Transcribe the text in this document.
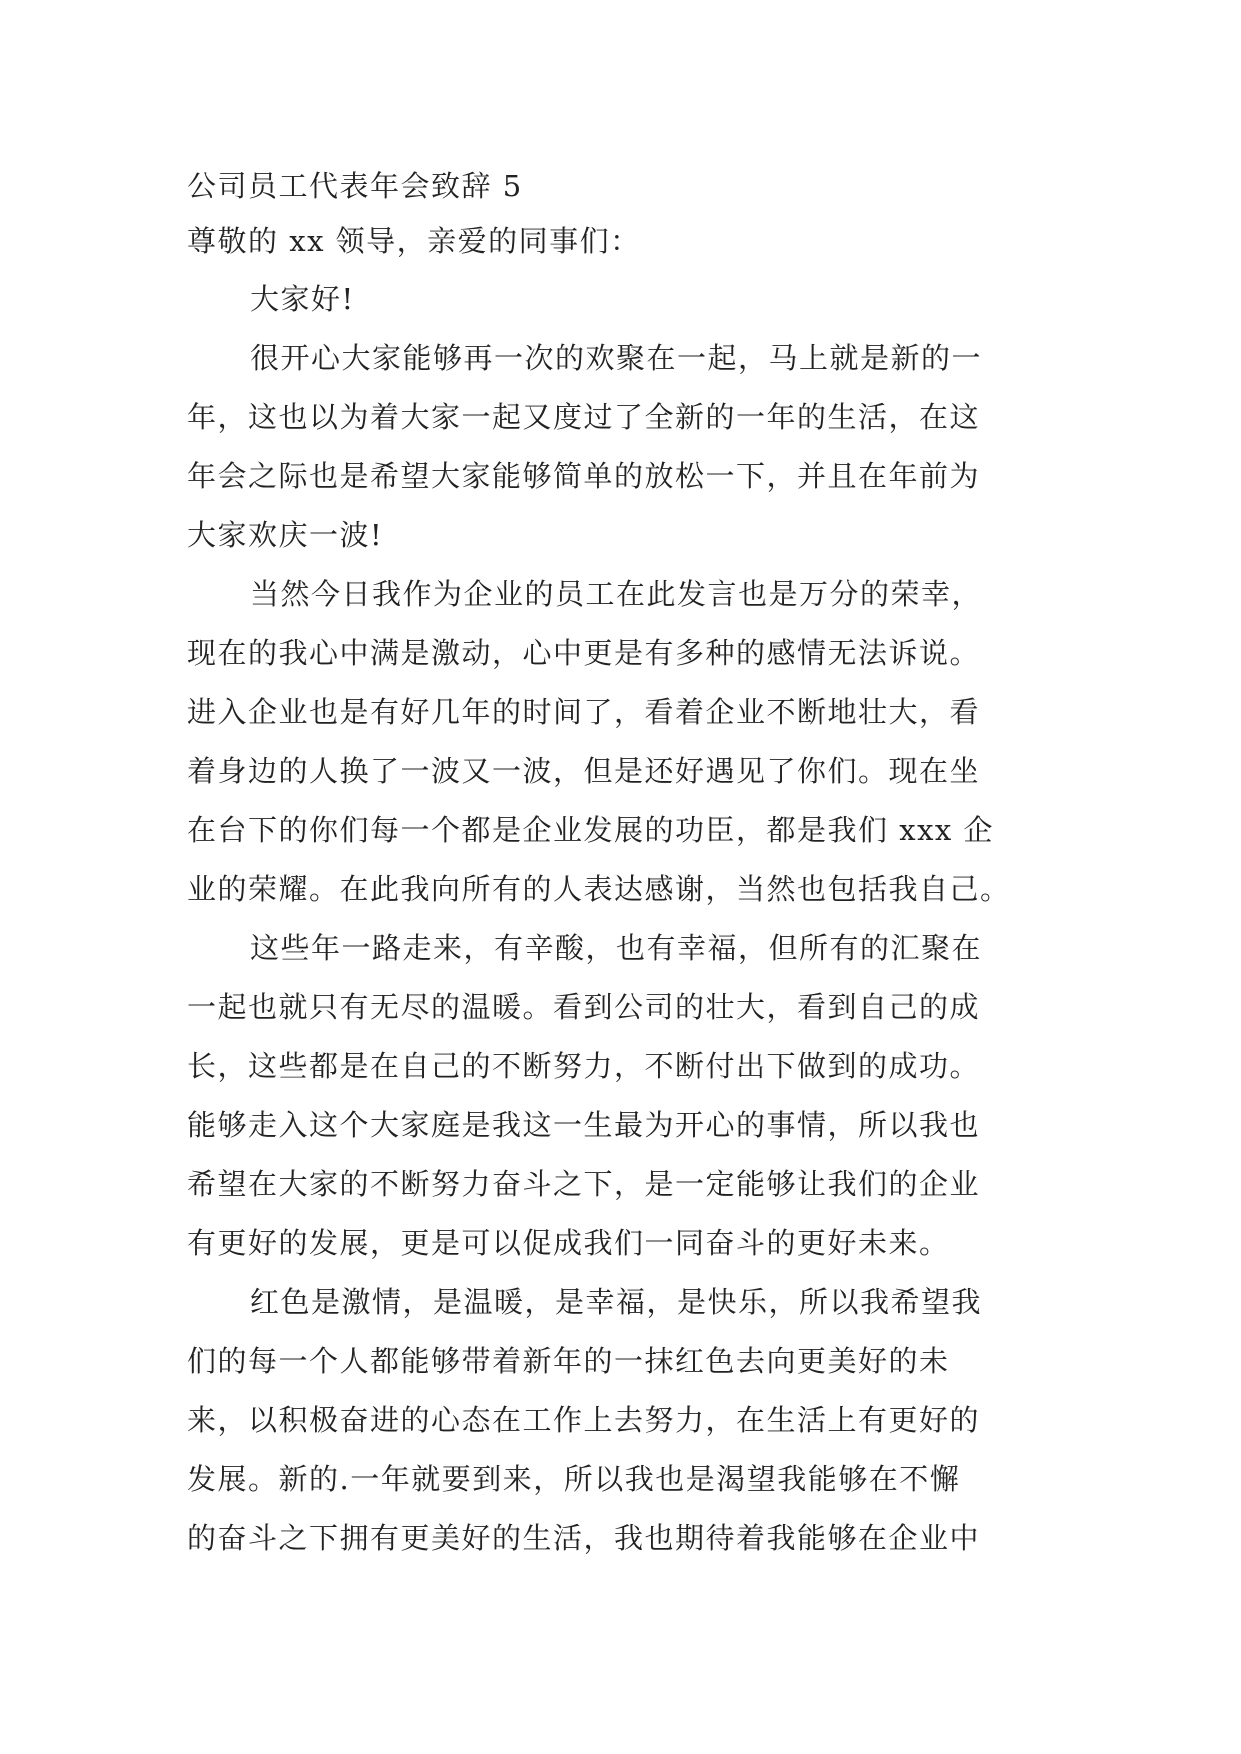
公司员工代表年会致辞 5
尊敬的 xx 领导，亲爱的同事们：
大家好!
很开心大家能够再一次的欢聚在一起，马上就是新的一
年，这也以为着大家一起又度过了全新的一年的生活，在这
年会之际也是希望大家能够简单的放松一下，并且在年前为
大家欢庆一波!
当然今日我作为企业的员工在此发言也是万分的荣幸，
现在的我心中满是激动，心中更是有多种的感情无法诉说。
进入企业也是有好几年的时间了，看着企业不断地壮大，看
着身边的人换了一波又一波，但是还好遇见了你们。现在坐
在台下的你们每一个都是企业发展的功臣，都是我们 xxx 企
业的荣耀。在此我向所有的人表达感谢，当然也包括我自己。
这些年一路走来，有辛酸，也有幸福，但所有的汇聚在
一起也就只有无尽的温暖。看到公司的壮大，看到自己的成
长，这些都是在自己的不断努力，不断付出下做到的成功。
能够走入这个大家庭是我这一生最为开心的事情，所以我也
希望在大家的不断努力奋斗之下，是一定能够让我们的企业
有更好的发展，更是可以促成我们一同奋斗的更好未来。
红色是激情，是温暖，是幸福，是快乐，所以我希望我
们的每一个人都能够带着新年的一抹红色去向更美好的未
来，以积极奋进的心态在工作上去努力，在生活上有更好的
发展。新的.一年就要到来，所以我也是渴望我能够在不懈
的奋斗之下拥有更美好的生活，我也期待着我能够在企业中
